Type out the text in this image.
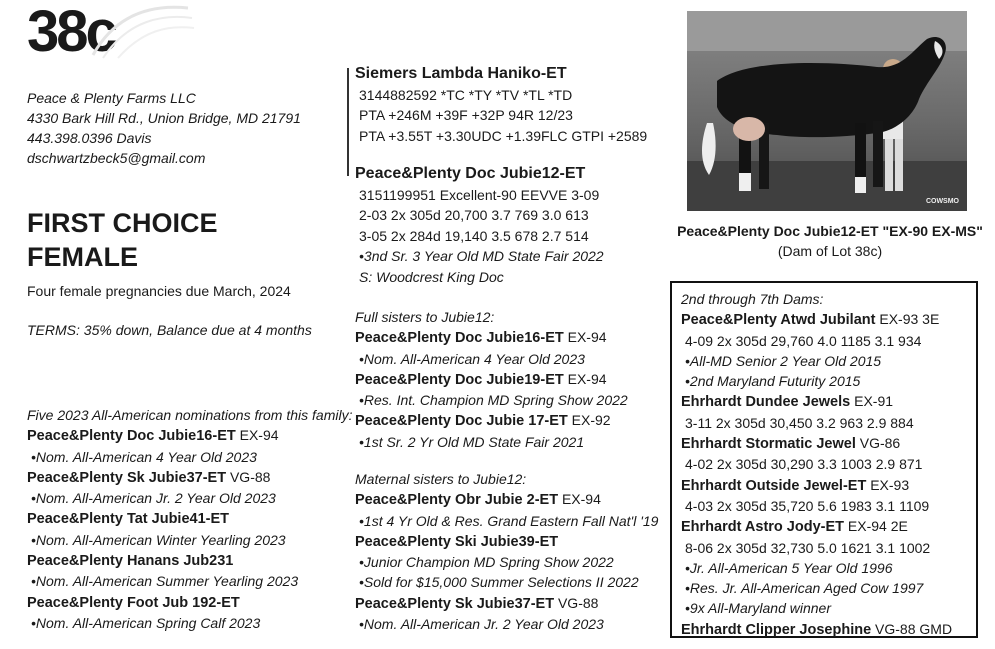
38c
Peace & Plenty Farms LLC
4330 Bark Hill Rd., Union Bridge, MD 21791
443.398.0396 Davis
dschwartzbeck5@gmail.com
FIRST CHOICE
FEMALE
Four female pregnancies due March, 2024
TERMS: 35% down, Balance due at 4 months
Five 2023 All-American nominations from this family:
Peace&Plenty Doc Jubie16-ET EX-94
•Nom. All-American 4 Year Old 2023
Peace&Plenty Sk Jubie37-ET VG-88
•Nom. All-American Jr. 2 Year Old 2023
Peace&Plenty Tat Jubie41-ET
•Nom. All-American Winter Yearling 2023
Peace&Plenty Hanans Jub231
•Nom. All-American Summer Yearling 2023
Peace&Plenty Foot Jub 192-ET
•Nom. All-American Spring Calf 2023
Siemers Lambda Haniko-ET
3144882592 *TC *TY *TV *TL *TD
PTA +246M +39F +32P 94R 12/23
PTA +3.55T +3.30UDC +1.39FLC GTPI +2589
Peace&Plenty Doc Jubie12-ET
3151199951 Excellent-90 EEVVE 3-09
2-03 2x 305d 20,700 3.7 769 3.0 613
3-05 2x 284d 19,140 3.5 678 2.7 514
•3nd Sr. 3 Year Old MD State Fair 2022
S: Woodcrest King Doc
Full sisters to Jubie12:
Peace&Plenty Doc Jubie16-ET EX-94
•Nom. All-American 4 Year Old 2023
Peace&Plenty Doc Jubie19-ET EX-94
•Res. Int. Champion MD Spring Show 2022
Peace&Plenty Doc Jubie 17-ET EX-92
•1st Sr. 2 Yr Old MD State Fair 2021
Maternal sisters to Jubie12:
Peace&Plenty Obr Jubie 2-ET EX-94
•1st 4 Yr Old & Res. Grand Eastern Fall Nat'l '19
Peace&Plenty Ski Jubie39-ET
•Junior Champion MD Spring Show 2022
•Sold for $15,000 Summer Selections II 2022
Peace&Plenty Sk Jubie37-ET VG-88
•Nom. All-American Jr. 2 Year Old 2023
COWSMO
Peace&Plenty Doc Jubie12-ET "EX-90 EX-MS"
(Dam of Lot 38c)
2nd through 7th Dams:
Peace&Plenty Atwd Jubilant EX-93 3E
4-09 2x 305d 29,760 4.0 1185 3.1 934
•All-MD Senior 2 Year Old 2015
•2nd Maryland Futurity 2015
Ehrhardt Dundee Jewels EX-91
3-11 2x 305d 30,450 3.2 963 2.9 884
Ehrhardt Stormatic Jewel VG-86
4-02 2x 305d 30,290 3.3 1003 2.9 871
Ehrhardt Outside Jewel-ET EX-93
4-03 2x 305d 35,720 5.6 1983 3.1 1109
Ehrhardt Astro Jody-ET EX-94 2E
8-06 2x 305d 32,730 5.0 1621 3.1 1002
•Jr. All-American 5 Year Old 1996
•Res. Jr. All-American Aged Cow 1997
•9x All-Maryland winner
Ehrhardt Clipper Josephine VG-88 GMD
